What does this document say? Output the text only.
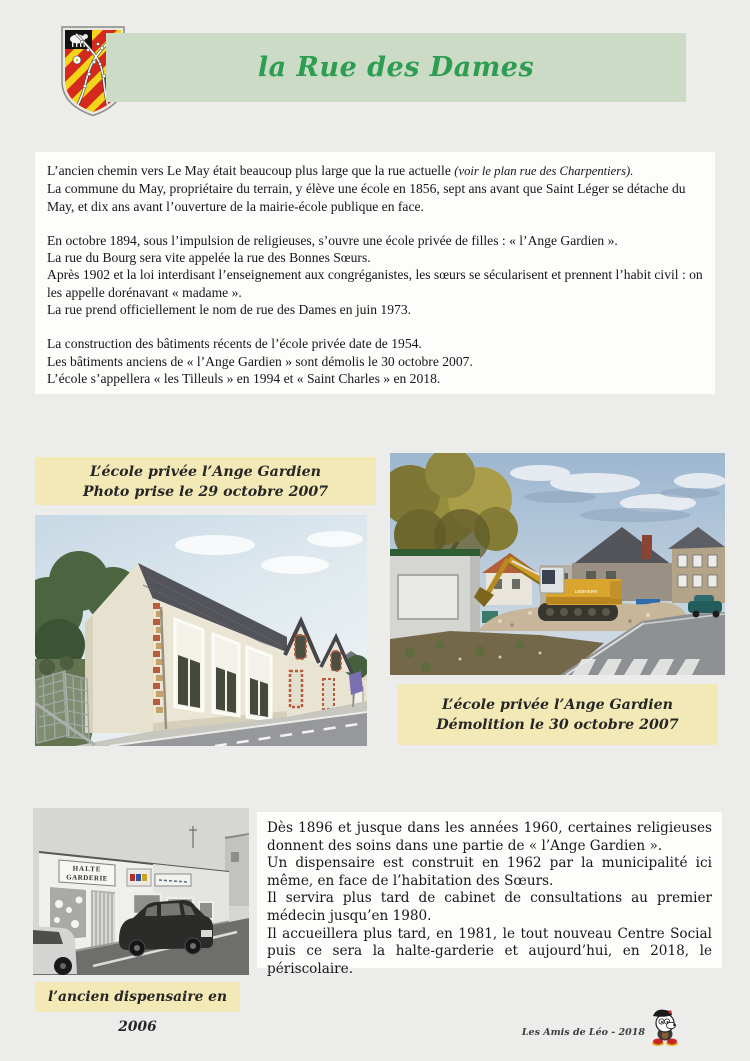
la Rue des Dames

L’ancien chemin vers Le May était beaucoup plus large que la rue actuelle (voir le plan rue des Charpentiers).
La commune du May, propriétaire du terrain, y élève une école en 1856, sept ans avant que Saint Léger se détache du May, et dix ans avant l’ouverture de la mairie-école publique en face.

En octobre 1894, sous l’impulsion de religieuses, s’ouvre une école privée de filles : « l’Ange Gardien ».
La rue du Bourg sera vite appelée la rue des Bonnes Sœurs.
Après 1902 et la loi interdisant l’enseignement aux congréganistes, les sœurs se sécularisent et prennent l’habit civil : on les appelle dorénavant « madame ».
La rue prend officiellement le nom de rue des Dames en juin 1973.

La construction des bâtiments récents de l’école privée date de 1954.
Les bâtiments anciens de « l’Ange Gardien » sont démolis le 30 octobre 2007.
L’école s’appellera « les Tilleuls » en 1994 et « Saint Charles » en 2018.

L’école privée l’Ange Gardien
Photo prise le 29 octobre 2007
LIEBHERR
L’école privée l’Ange Gardien
Démolition le 30 octobre 2007
HALTE
GARDERIE
Dès 1896 et jusque dans les années 1960, certaines religieuses donnent des soins dans une partie de « l’Ange Gardien ».
Un dispensaire est construit en 1962 par la municipalité ici même, en face de l’habitation des Sœurs.
Il servira plus tard de cabinet de consultations au premier médecin jusqu’en 1980.
Il accueillera plus tard, en 1981, le tout nouveau Centre Social puis ce sera la halte-garderie et aujourd’hui, en 2018, le périscolaire.
l’ancien dispensaire en 2006	Les Amis de Léo - 2018
